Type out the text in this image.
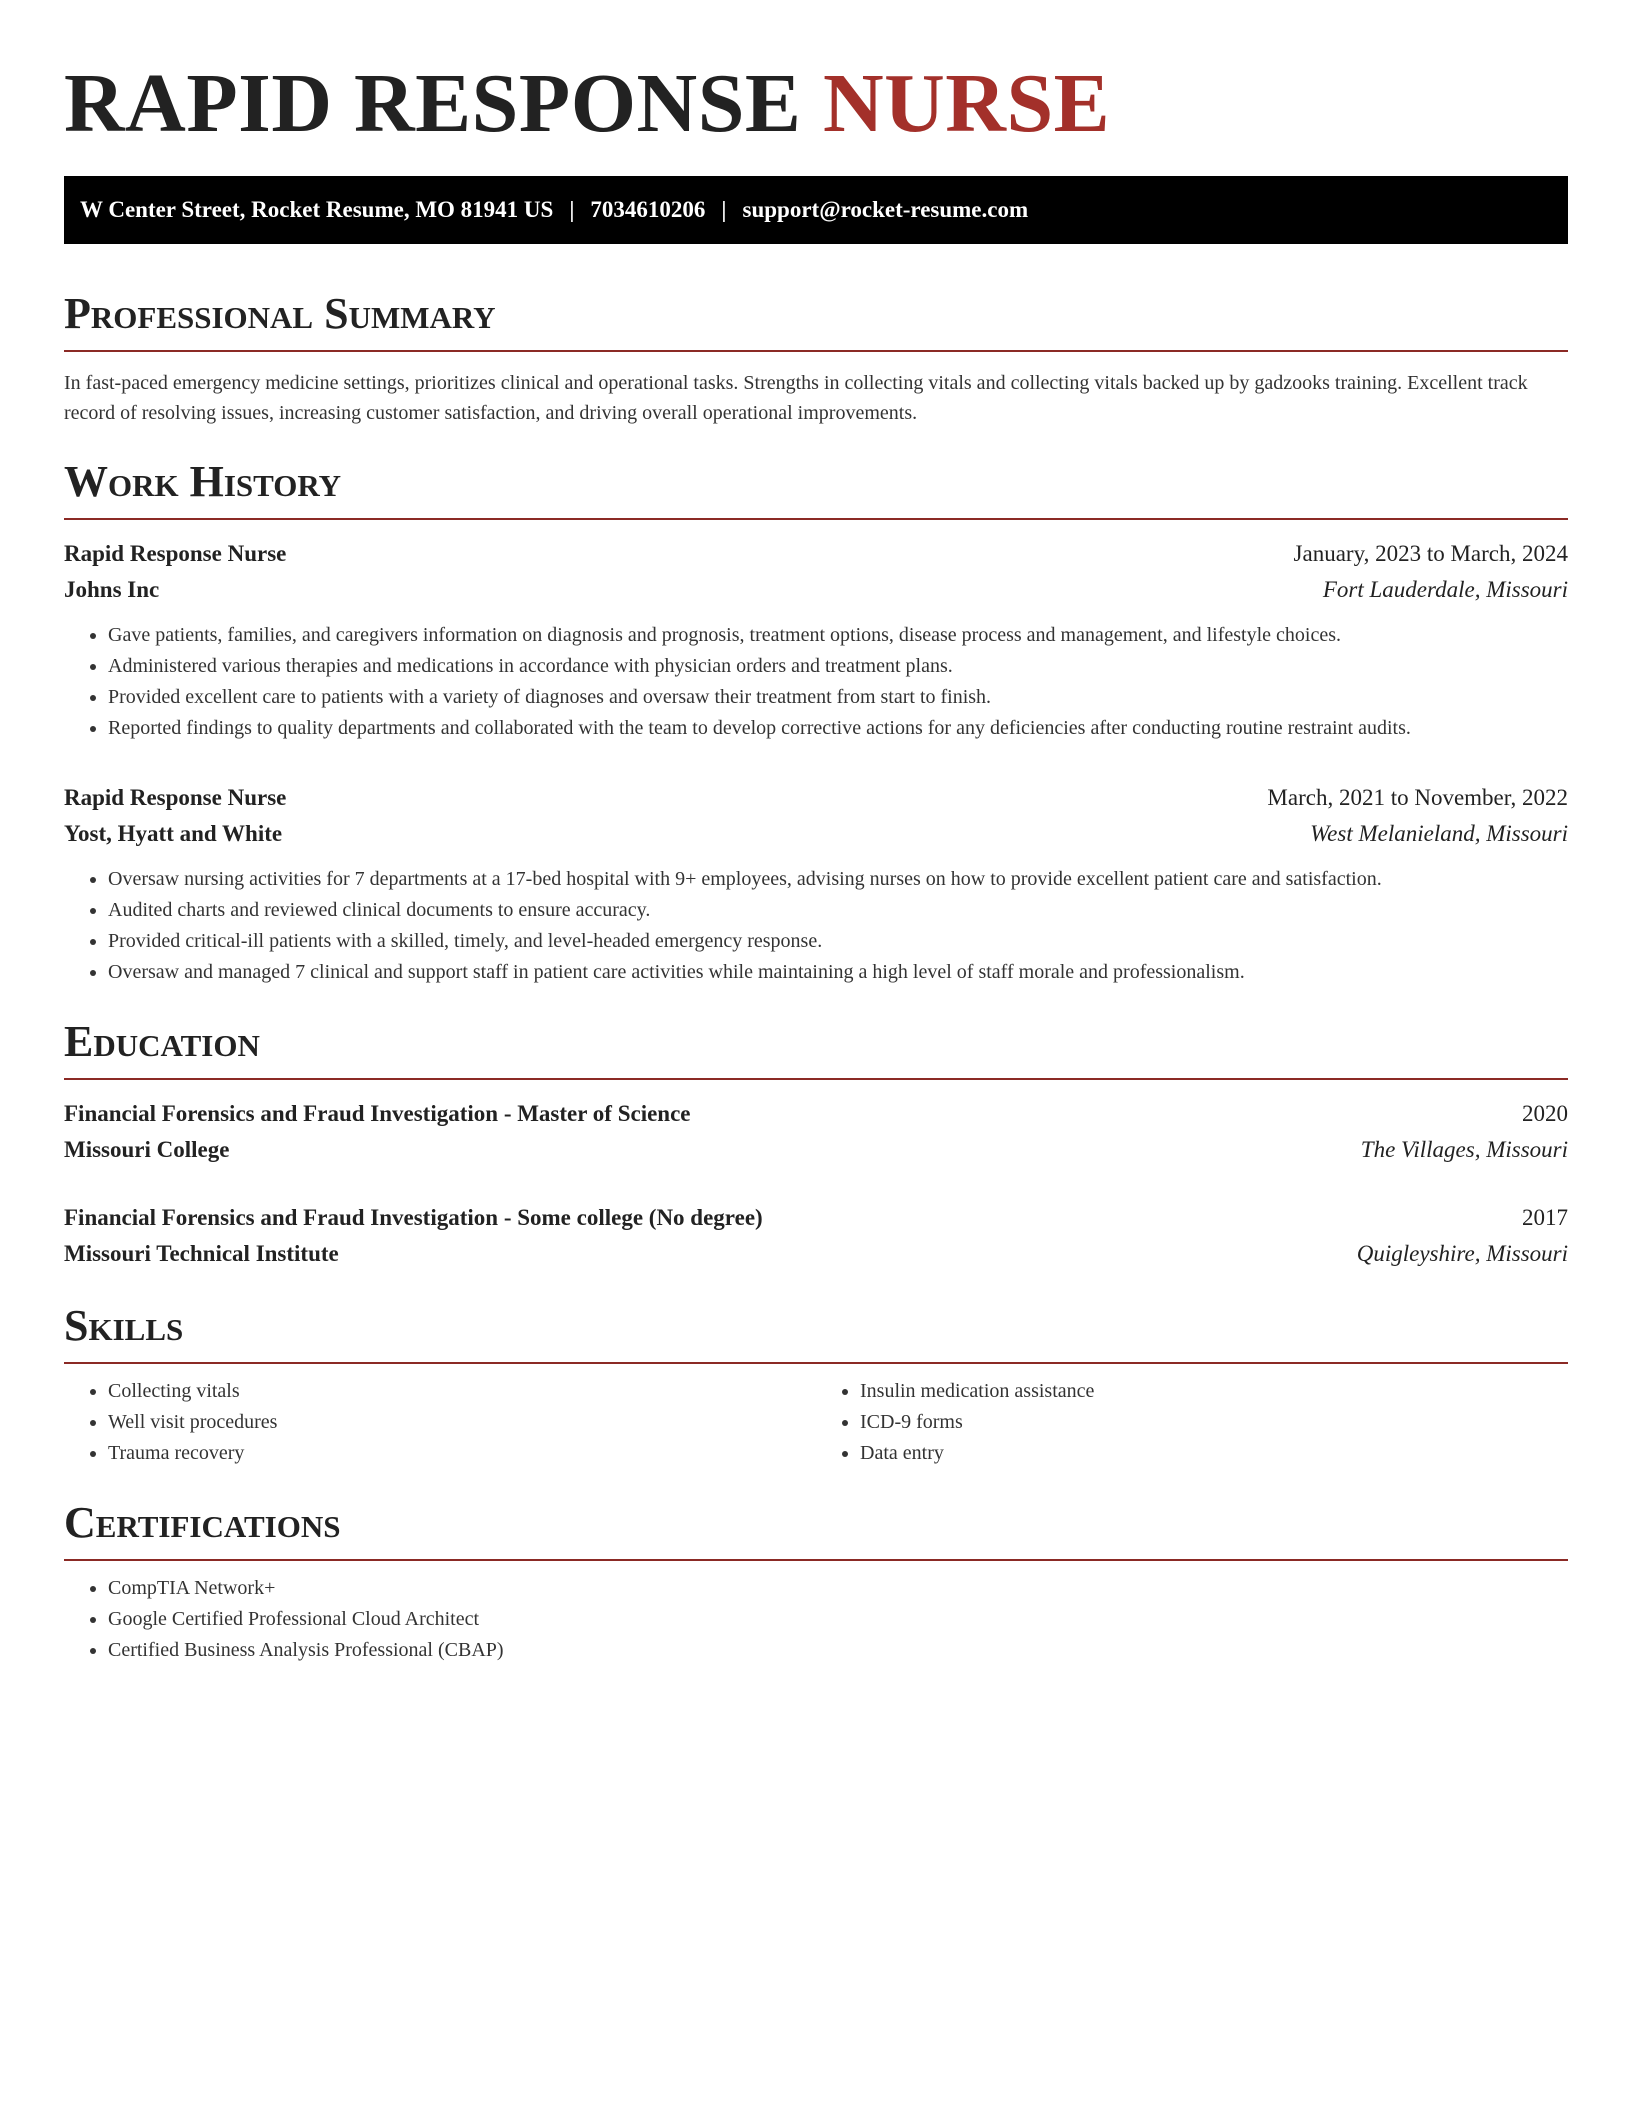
RAPID RESPONSE NURSE
W Center Street, Rocket Resume, MO 81941 US | 7034610206 | support@rocket-resume.com
Professional Summary

In fast-paced emergency medicine settings, prioritizes clinical and operational tasks. Strengths in collecting vitals and collecting vitals backed up by gadzooks training. Excellent track record of resolving issues, increasing customer satisfaction, and driving overall operational improvements.

Work History
Rapid Response Nurse	January, 2023 to March, 2024
Johns Inc	Fort Lauderdale, Missouri
• Gave patients, families, and caregivers information on diagnosis and prognosis, treatment options, disease process and management, and lifestyle choices.
• Administered various therapies and medications in accordance with physician orders and treatment plans.
• Provided excellent care to patients with a variety of diagnoses and oversaw their treatment from start to finish.
• Reported findings to quality departments and collaborated with the team to develop corrective actions for any deficiencies after conducting routine restraint audits.
Rapid Response Nurse	March, 2021 to November, 2022
Yost, Hyatt and White	West Melanieland, Missouri
• Oversaw nursing activities for 7 departments at a 17-bed hospital with 9+ employees, advising nurses on how to provide excellent patient care and satisfaction.
• Audited charts and reviewed clinical documents to ensure accuracy.
• Provided critical-ill patients with a skilled, timely, and level-headed emergency response.
• Oversaw and managed 7 clinical and support staff in patient care activities while maintaining a high level of staff morale and professionalism.
Education
Financial Forensics and Fraud Investigation - Master of Science	2020
Missouri College	The Villages, Missouri
Financial Forensics and Fraud Investigation - Some college (No degree)	2017
Missouri Technical Institute	Quigleyshire, Missouri
Skills
• Collecting vitals
• Well visit procedures
• Trauma recovery
• Insulin medication assistance
• ICD-9 forms
• Data entry
Certifications
• CompTIA Network+
• Google Certified Professional Cloud Architect
• Certified Business Analysis Professional (CBAP)
